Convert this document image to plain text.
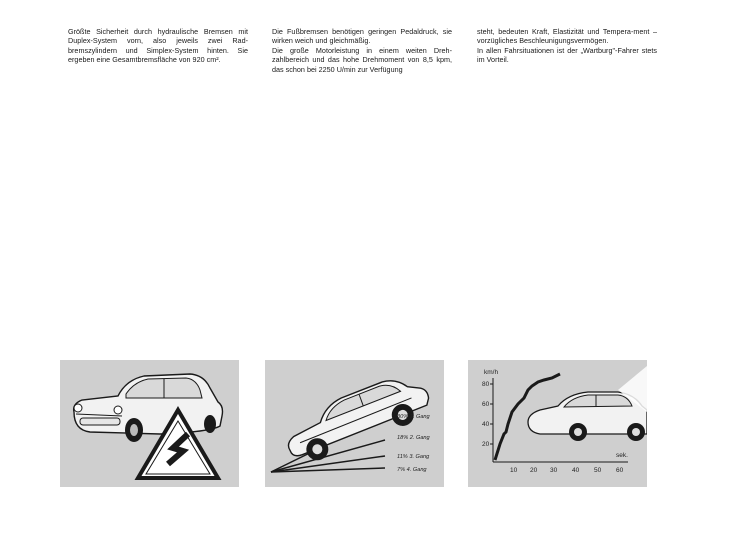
Größte Sicherheit durch hydraulische Bremsen mit Duplex-System vorn, also jeweils zwei Rad-bremszylindern und Simplex-System hinten. Sie ergeben eine Gesamtbremsfläche von 920 cm².

Die Fußbremsen benötigen geringen Pedaldruck, sie wirken weich und gleichmäßig.

Die große Motorleistung in einem weiten Dreh-zahlbereich und das hohe Drehmoment von 8,5 kpm, das schon bei 2250 U/min zur Verfügung

steht, bedeuten Kraft, Elastizität und Tempera-ment – vorzügliches Beschleunigungsvermögen.

In allen Fahrsituationen ist der „Wartburg"-Fahrer stets im Vorteil.

30% 1. Gang
18% 2. Gang
11% 3. Gang
7% 4. Gang
km/h
80
60
40
20
10 20 30 40 50 60
sek.
